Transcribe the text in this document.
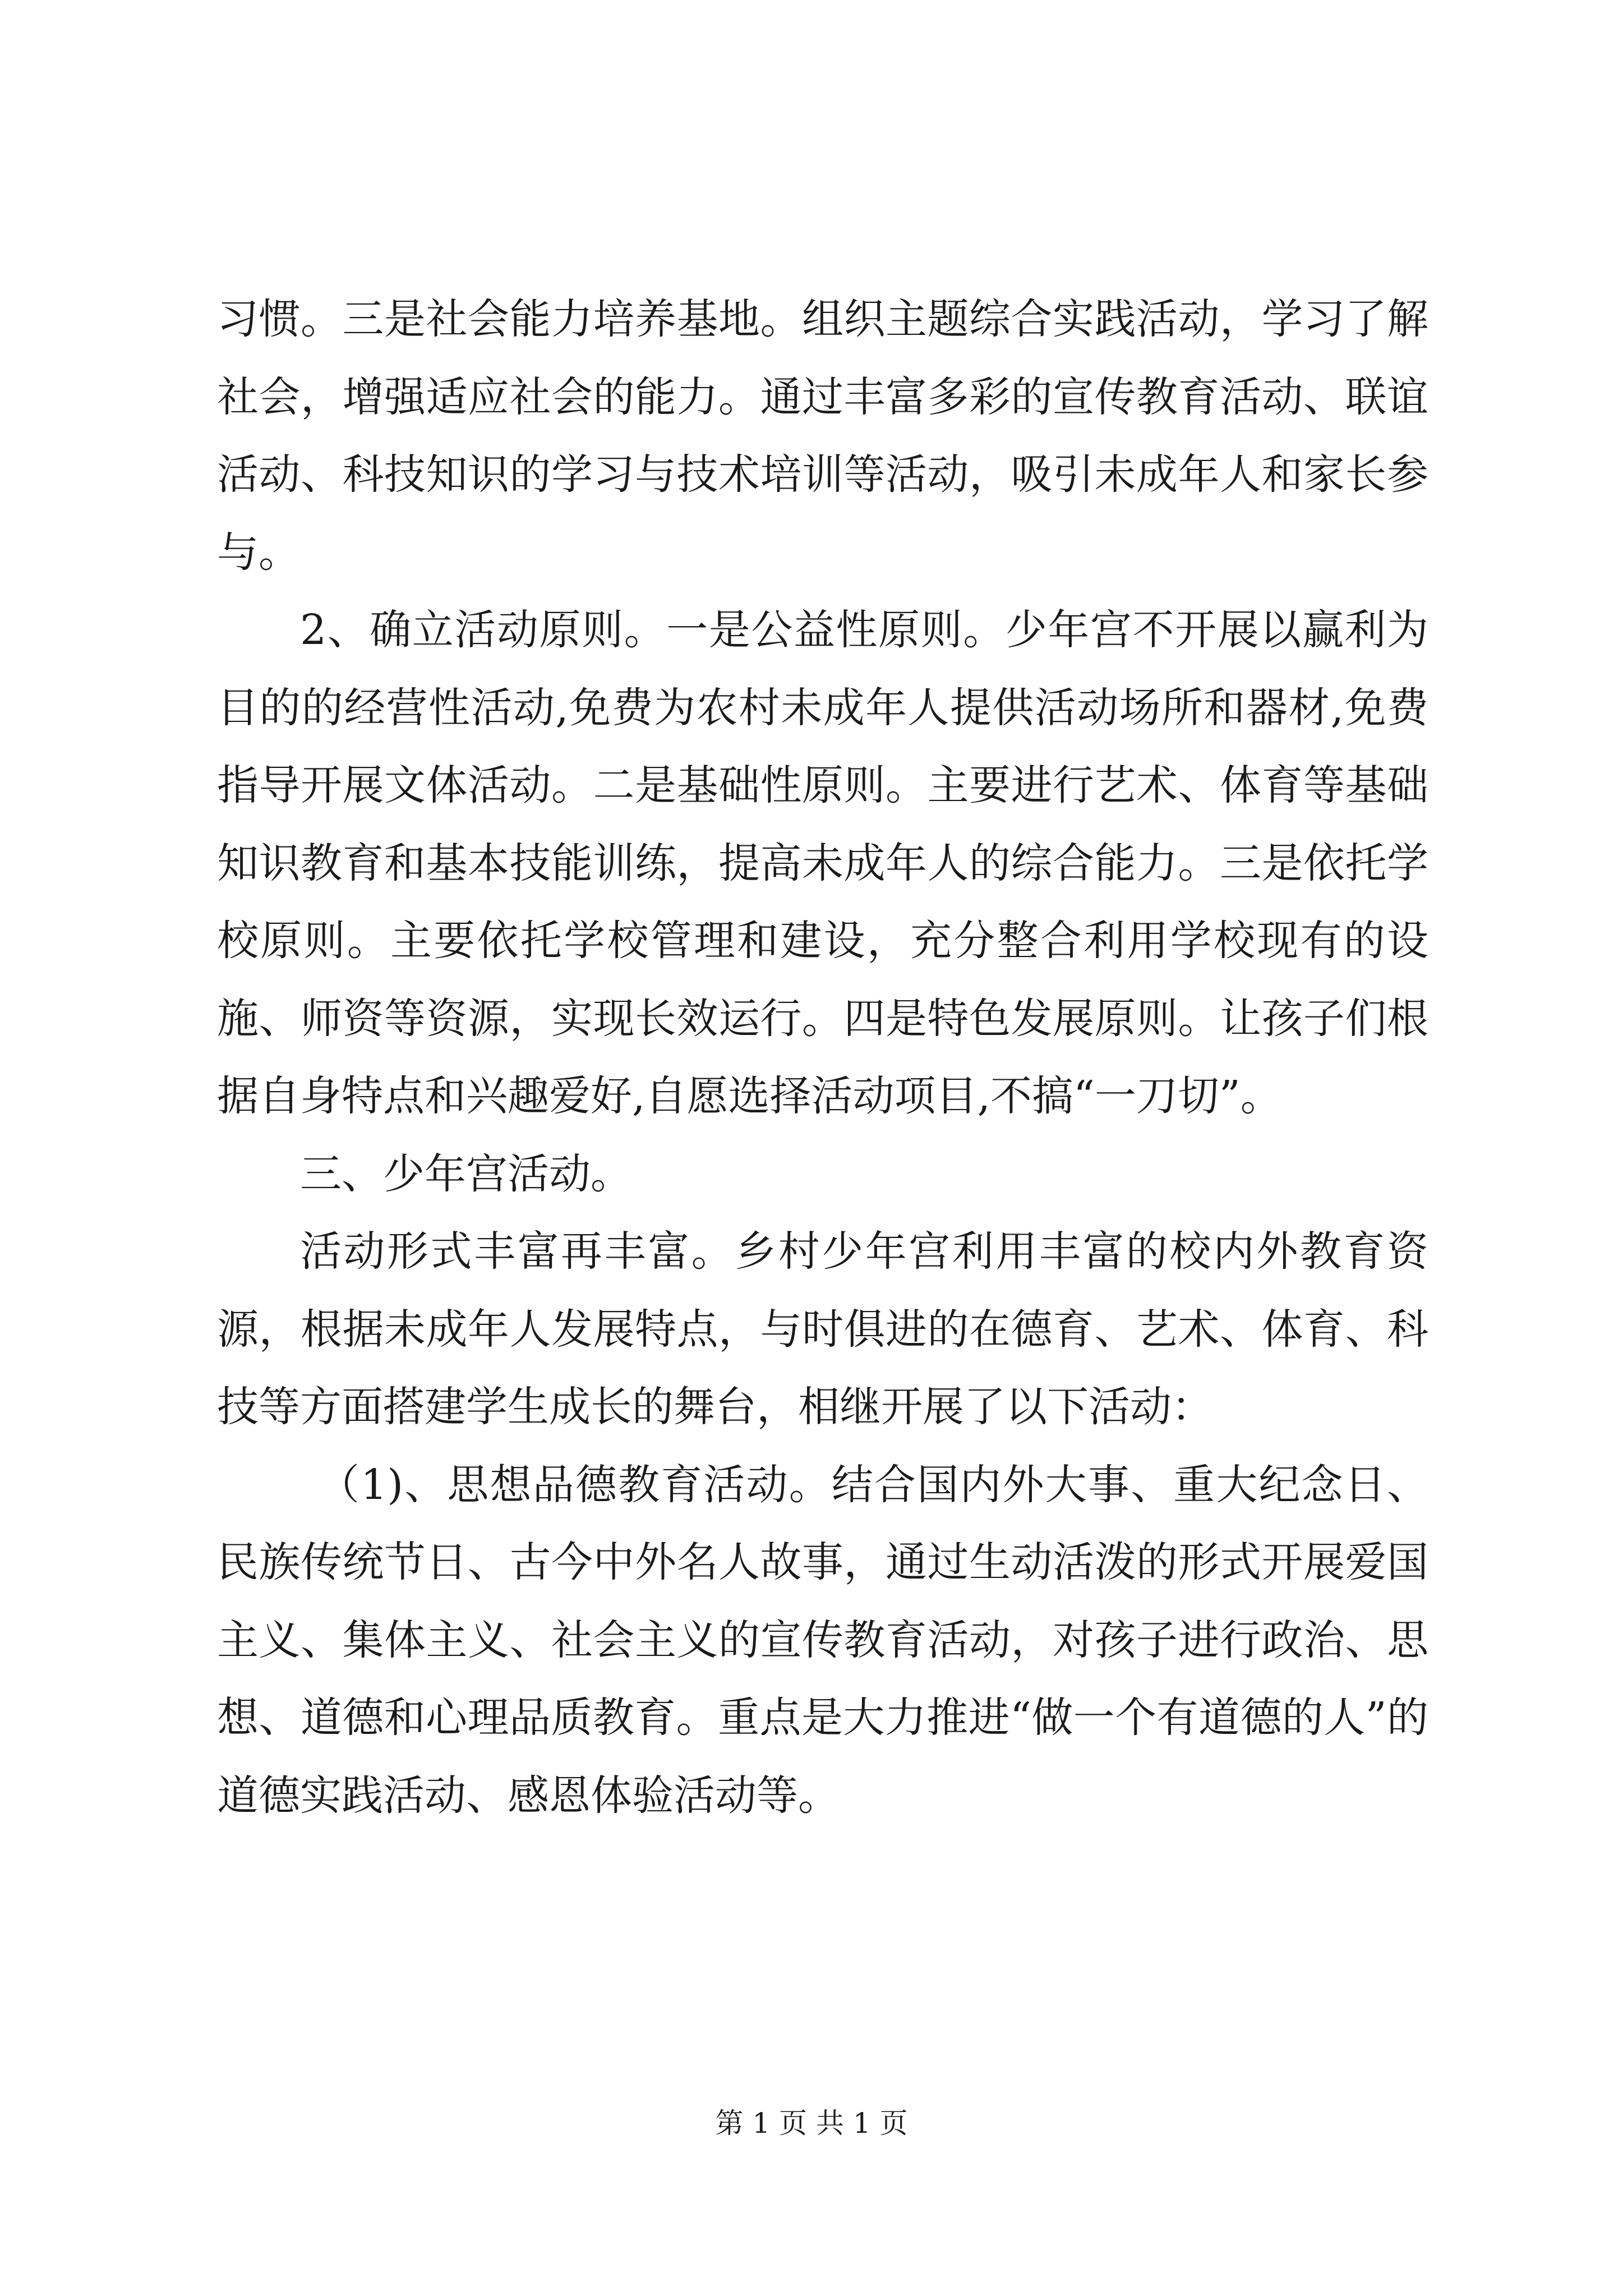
习惯。三是社会能力培养基地。组织主题综合实践活动，学习了解社会，增强适应社会的能力。通过丰富多彩的宣传教育活动、联谊活动、科技知识的学习与技术培训等活动，吸引未成年人和家长参与。

2、确立活动原则。一是公益性原则。少年宫不开展以赢利为目的的经营性活动,免费为农村未成年人提供活动场所和器材,免费指导开展文体活动。二是基础性原则。主要进行艺术、体育等基础知识教育和基本技能训练，提高未成年人的综合能力。三是依托学校原则。主要依托学校管理和建设，充分整合利用学校现有的设施、师资等资源，实现长效运行。四是特色发展原则。让孩子们根据自身特点和兴趣爱好,自愿选择活动项目,不搞“一刀切”。

三、少年宫活动。

活动形式丰富再丰富。乡村少年宫利用丰富的校内外教育资源，根据未成年人发展特点，与时俱进的在德育、艺术、体育、科技等方面搭建学生成长的舞台，相继开展了以下活动：

（1)、思想品德教育活动。结合国内外大事、重大纪念日、民族传统节日、古今中外名人故事，通过生动活泼的形式开展爱国主义、集体主义、社会主义的宣传教育活动，对孩子进行政治、思想、道德和心理品质教育。重点是大力推进“做一个有道德的人”的道德实践活动、感恩体验活动等。

第 1 页 共 1 页
